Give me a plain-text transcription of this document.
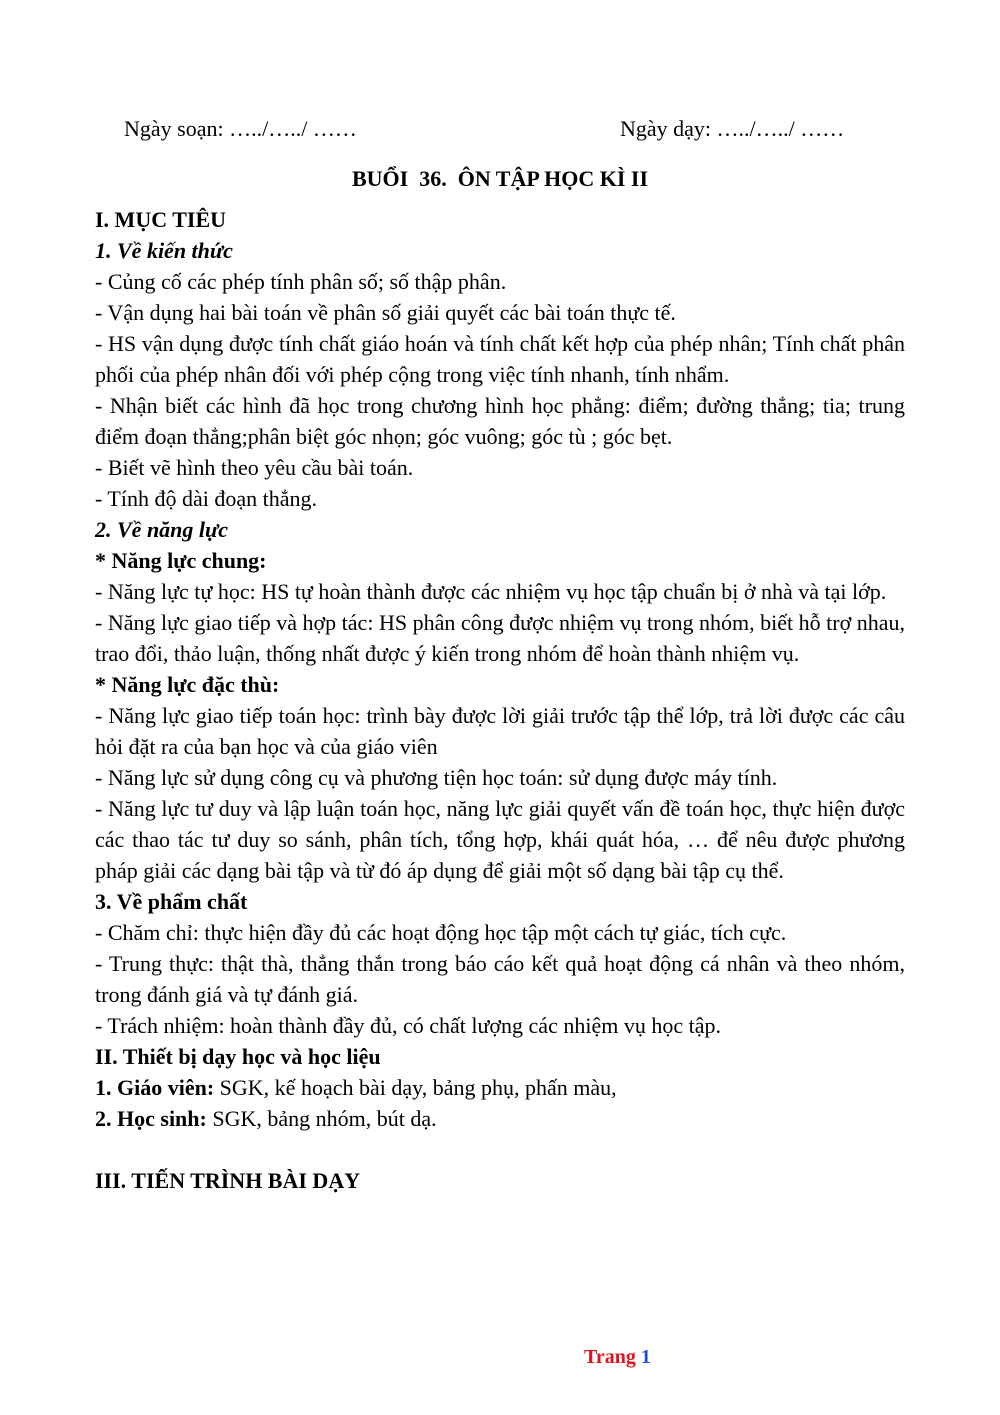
Ngày soạn: …../…../ ……	Ngày dạy: …../…../ ……
BUỔI  36.  ÔN TẬP HỌC KÌ II

I. MỤC TIÊU

1. Về kiến thức

- Củng cố các phép tính phân số; số thập phân.

- Vận dụng hai bài toán về phân số giải quyết các bài toán thực tế.

- HS vận dụng được tính chất giáo hoán và tính chất kết hợp của phép nhân; Tính chất phân phối của phép nhân đối với phép cộng trong việc tính nhanh, tính nhẩm.

- Nhận biết các hình đã học trong chương hình học phẳng: điểm; đường thẳng; tia; trung điểm đoạn thẳng;phân biệt góc nhọn; góc vuông; góc tù ; góc bẹt.

- Biết vẽ hình theo yêu cầu bài toán.

- Tính độ dài đoạn thẳng.

2. Về năng lực

* Năng lực chung:

- Năng lực tự học: HS tự hoàn thành được các nhiệm vụ học tập chuẩn bị ở nhà và tại lớp.

- Năng lực giao tiếp và hợp tác: HS phân công được nhiệm vụ trong nhóm, biết hỗ trợ nhau, trao đổi, thảo luận, thống nhất được ý kiến trong nhóm để hoàn thành nhiệm vụ.

* Năng lực đặc thù:

- Năng lực giao tiếp toán học: trình bày được lời giải trước tập thể lớp, trả lời được các câu hỏi đặt ra của bạn học và của giáo viên

- Năng lực sử dụng công cụ và phương tiện học toán: sử dụng được máy tính.

- Năng lực tư duy và lập luận toán học, năng lực giải quyết vấn đề toán học, thực hiện được các thao tác tư duy so sánh, phân tích, tổng hợp, khái quát hóa, … để nêu được phương pháp giải các dạng bài tập và từ đó áp dụng để giải một số dạng bài tập cụ thể.

3. Về phẩm chất

- Chăm chỉ: thực hiện đầy đủ các hoạt động học tập một cách tự giác, tích cực.

- Trung thực: thật thà, thẳng thắn trong báo cáo kết quả hoạt động cá nhân và theo nhóm, trong đánh giá và tự đánh giá.

- Trách nhiệm: hoàn thành đầy đủ, có chất lượng các nhiệm vụ học tập.

II. Thiết bị dạy học và học liệu

1. Giáo viên: SGK, kế hoạch bài dạy, bảng phụ, phấn màu,

2. Học sinh: SGK, bảng nhóm, bút dạ.

III. TIẾN TRÌNH BÀI DẠY

Trang 1
